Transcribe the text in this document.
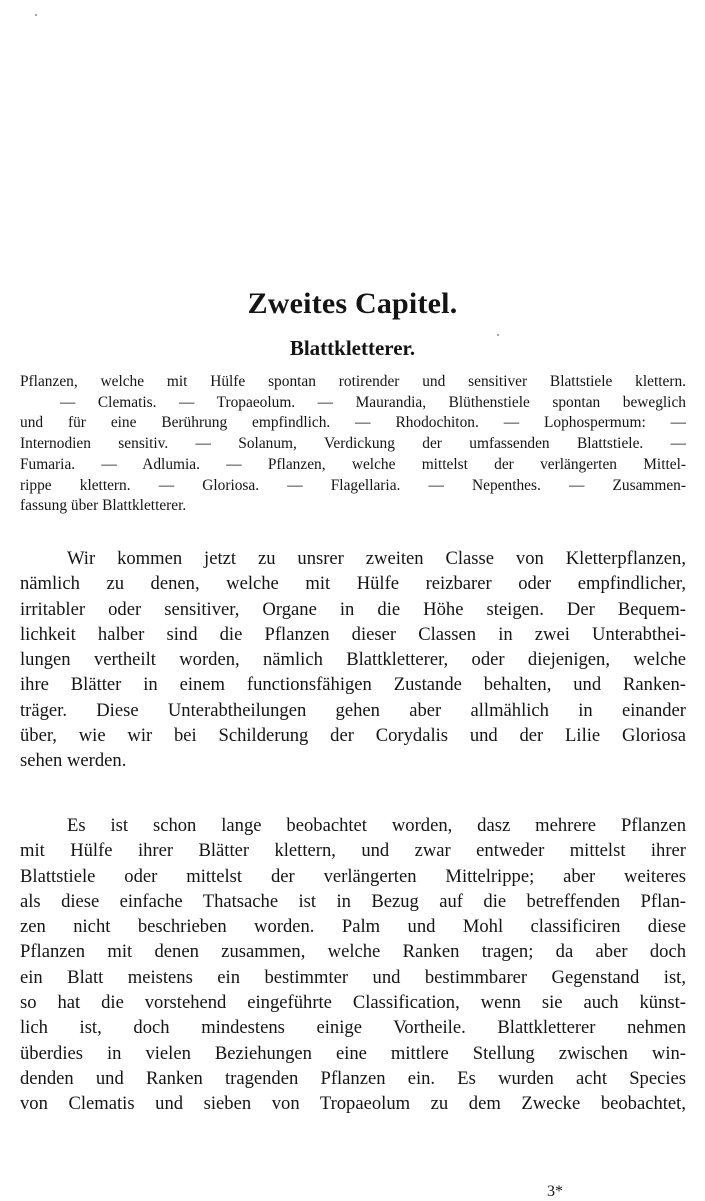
Zweites Capitel.
Blattkletterer.
Pflanzen, welche mit Hülfe spontan rotirender und sensitiver Blattstiele klettern.
— Clematis. — Tropaeolum. — Maurandia, Blüthenstiele spontan beweglich
und für eine Berührung empfindlich. — Rhodochiton. — Lophospermum: —
Internodien sensitiv. — Solanum, Verdickung der umfassenden Blattstiele. —
Fumaria. — Adlumia. — Pflanzen, welche mittelst der verlängerten Mittel-
rippe klettern. — Gloriosa. — Flagellaria. — Nepenthes. — Zusammen-
fassung über Blattkletterer.
Wir kommen jetzt zu unsrer zweiten Classe von Kletterpflanzen,
nämlich zu denen, welche mit Hülfe reizbarer oder empfindlicher,
irritabler oder sensitiver, Organe in die Höhe steigen. Der Bequem-
lichkeit halber sind die Pflanzen dieser Classen in zwei Unterabthei-
lungen vertheilt worden, nämlich Blattkletterer, oder diejenigen, welche
ihre Blätter in einem functionsfähigen Zustande behalten, und Ranken-
träger. Diese Unterabtheilungen gehen aber allmählich in einander
über, wie wir bei Schilderung der Corydalis und der Lilie Gloriosa
sehen werden.
Es ist schon lange beobachtet worden, dasz mehrere Pflanzen
mit Hülfe ihrer Blätter klettern, und zwar entweder mittelst ihrer
Blattstiele oder mittelst der verlängerten Mittelrippe; aber weiteres
als diese einfache Thatsache ist in Bezug auf die betreffenden Pflan-
zen nicht beschrieben worden. Palm und Mohl classificiren diese
Pflanzen mit denen zusammen, welche Ranken tragen; da aber doch
ein Blatt meistens ein bestimmter und bestimmbarer Gegenstand ist,
so hat die vorstehend eingeführte Classification, wenn sie auch künst-
lich ist, doch mindestens einige Vortheile. Blattkletterer nehmen
überdies in vielen Beziehungen eine mittlere Stellung zwischen win-
denden und Ranken tragenden Pflanzen ein. Es wurden acht Species
von Clematis und sieben von Tropaeolum zu dem Zwecke beobachtet,
3*
